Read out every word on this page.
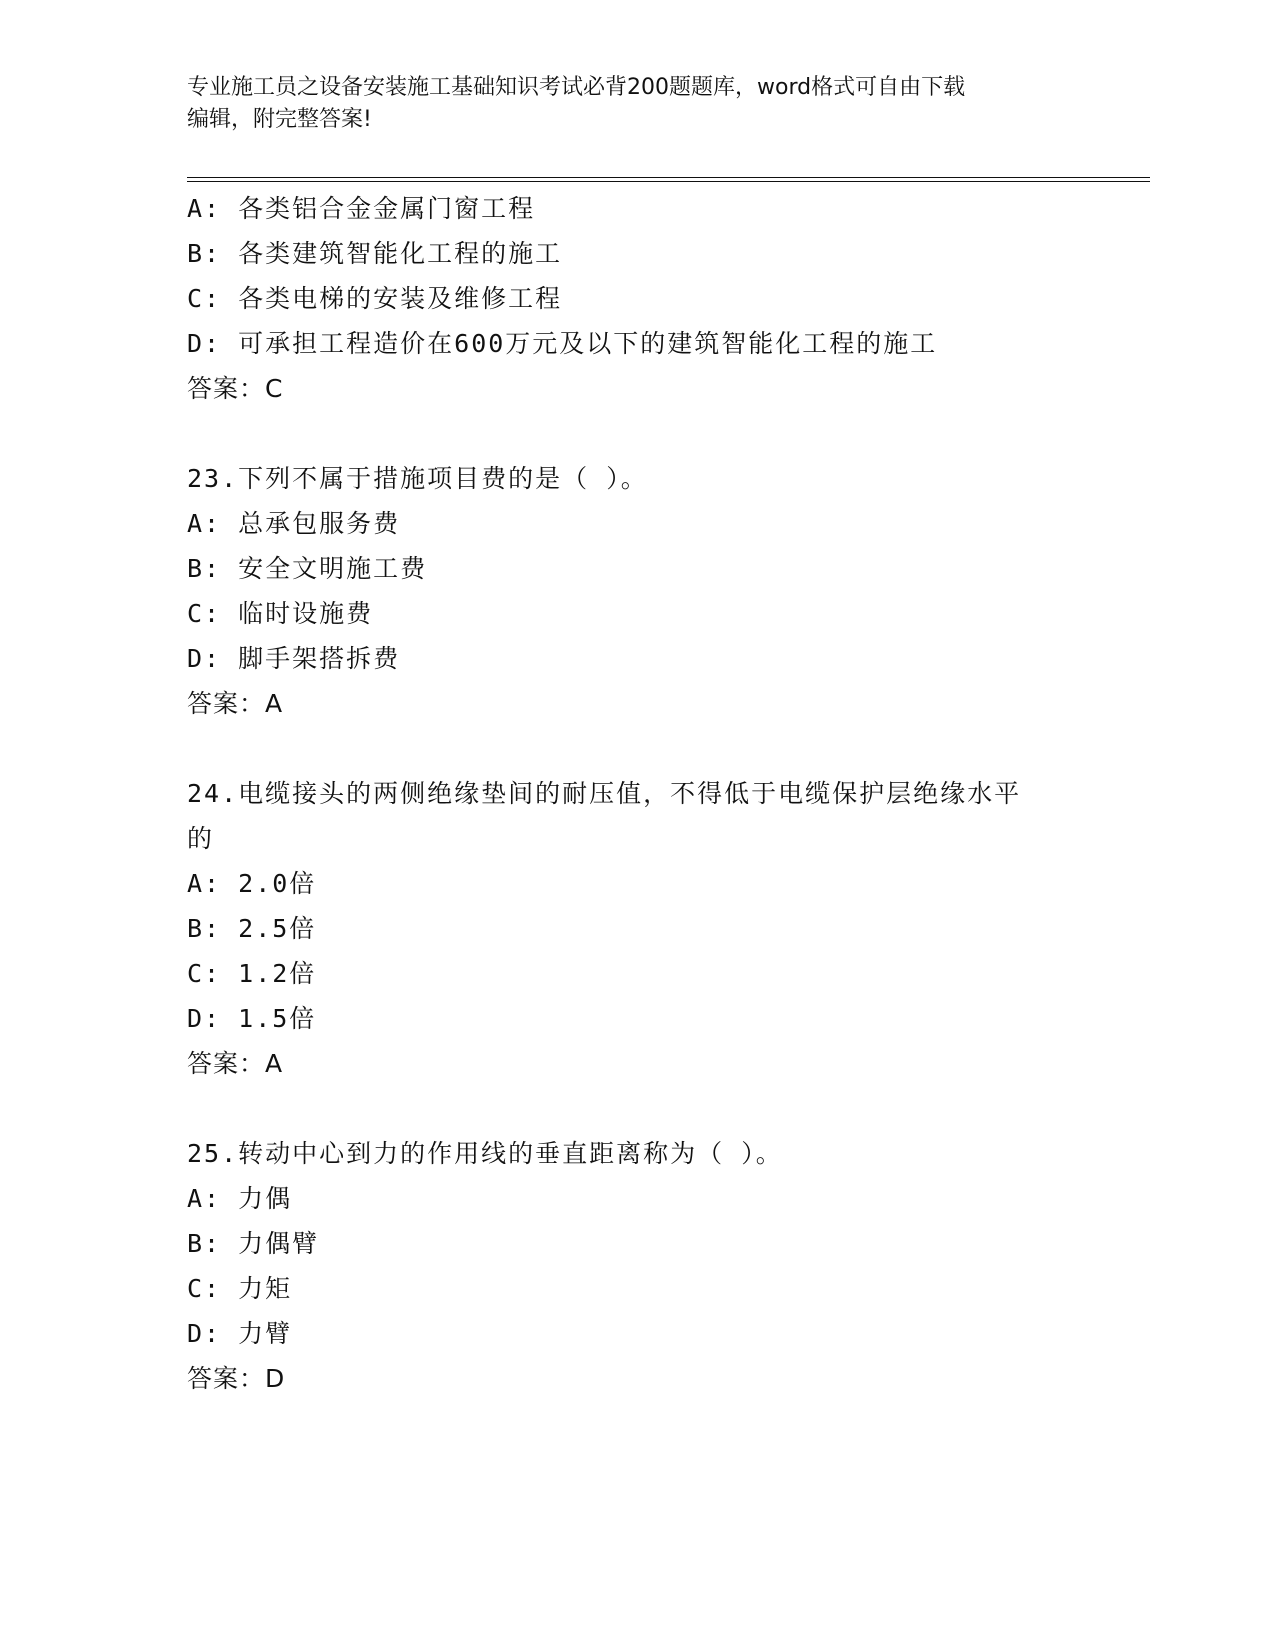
专业施工员之设备安装施工基础知识考试必背200题题库，word格式可自由下载
编辑，附完整答案!
A: 各类铝合金金属门窗工程
B: 各类建筑智能化工程的施工
C: 各类电梯的安装及维修工程
D: 可承担工程造价在600万元及以下的建筑智能化工程的施工
答案：C
23.下列不属于措施项目费的是（ ）。
A: 总承包服务费
B: 安全文明施工费
C: 临时设施费
D: 脚手架搭拆费
答案：A
24.电缆接头的两侧绝缘垫间的耐压值，不得低于电缆保护层绝缘水平
的
A: 2.0倍
B: 2.5倍
C: 1.2倍
D: 1.5倍
答案：A
25.转动中心到力的作用线的垂直距离称为（ ）。
A: 力偶
B: 力偶臂
C: 力矩
D: 力臂
答案：D
